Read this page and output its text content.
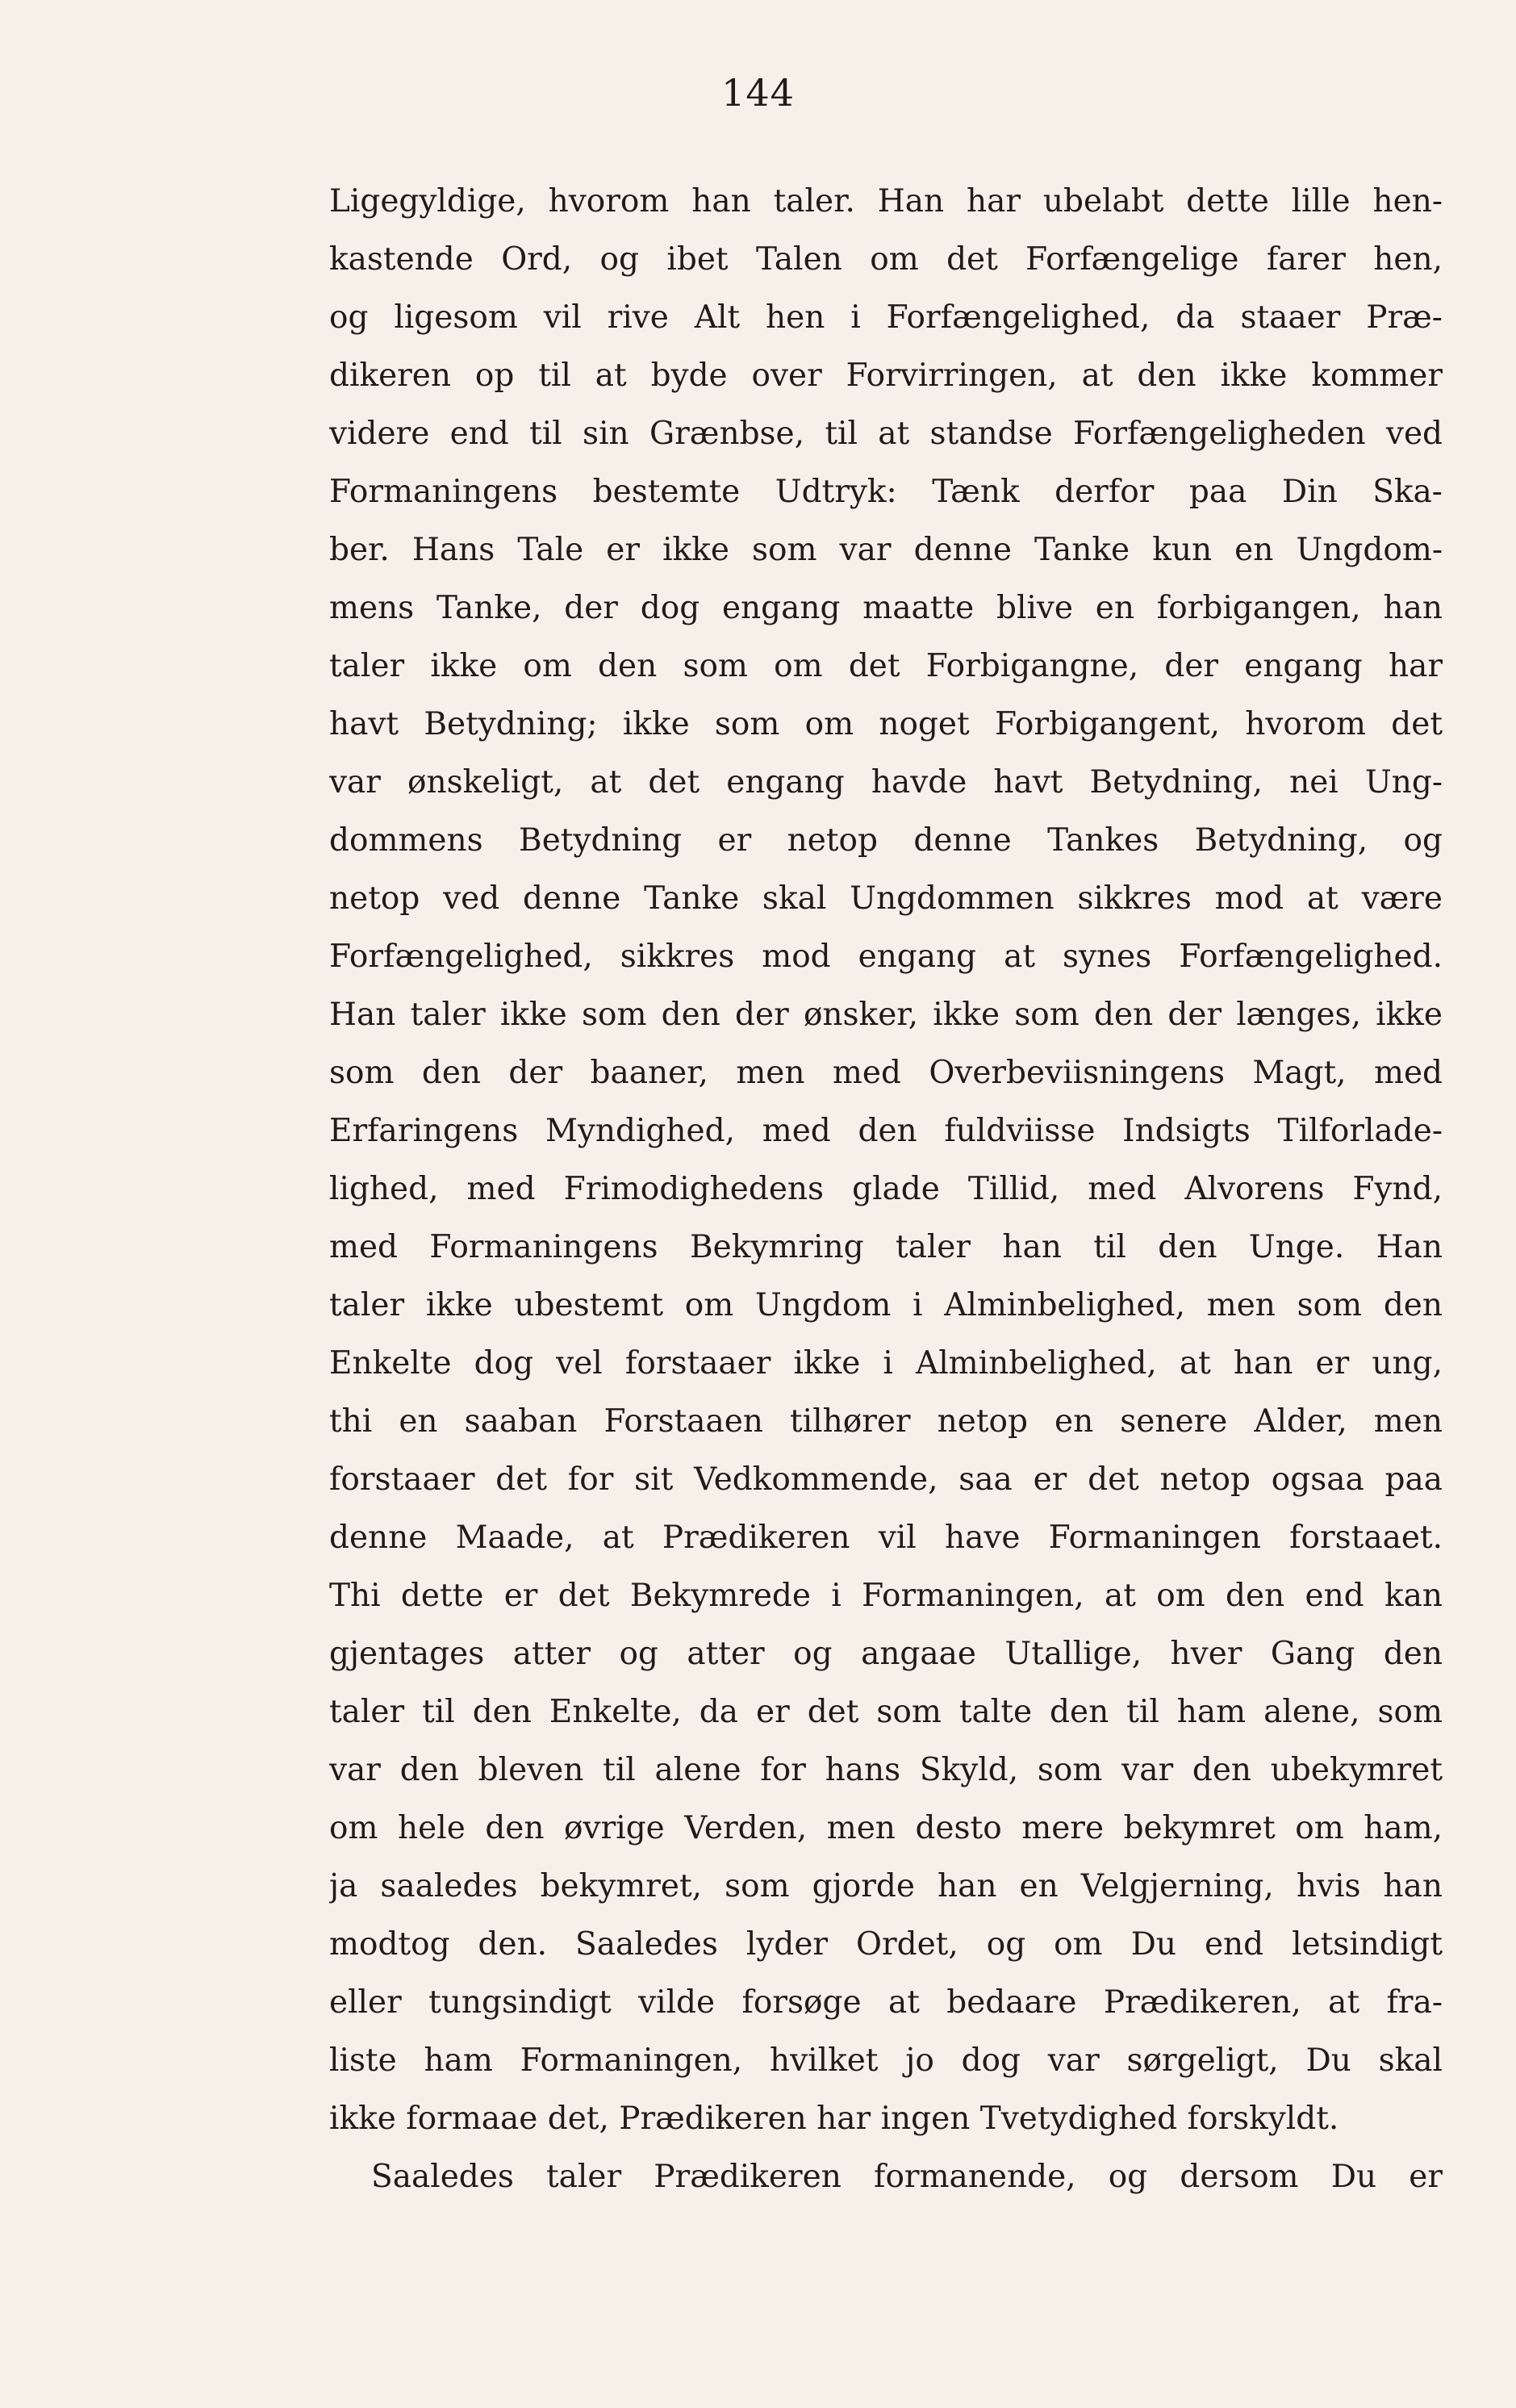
144
Ligegyldige, hvorom han taler. Han har ubelabt dette lille hen-
kastende Ord, og ibet Talen om det Forfængelige farer hen,
og ligesom vil rive Alt hen i Forfængelighed, da staaer Præ-
dikeren op til at byde over Forvirringen, at den ikke kommer
videre end til sin Grænbse, til at standse Forfængeligheden ved
Formaningens bestemte Udtryk: Tænk derfor paa Din Ska-
ber. Hans Tale er ikke som var denne Tanke kun en Ungdom-
mens Tanke, der dog engang maatte blive en forbigangen, han
taler ikke om den som om det Forbigangne, der engang har
havt Betydning; ikke som om noget Forbigangent, hvorom det
var ønskeligt, at det engang havde havt Betydning, nei Ung-
dommens Betydning er netop denne Tankes Betydning, og
netop ved denne Tanke skal Ungdommen sikkres mod at være
Forfængelighed, sikkres mod engang at synes Forfængelighed.
Han taler ikke som den der ønsker, ikke som den der længes, ikke
som den der baaner, men med Overbeviisningens Magt, med
Erfaringens Myndighed, med den fuldviisse Indsigts Tilforlade-
lighed, med Frimodighedens glade Tillid, med Alvorens Fynd,
med Formaningens Bekymring taler han til den Unge. Han
taler ikke ubestemt om Ungdom i Alminbelighed, men som den
Enkelte dog vel forstaaer ikke i Alminbelighed, at han er ung,
thi en saaban Forstaaen tilhører netop en senere Alder, men
forstaaer det for sit Vedkommende, saa er det netop ogsaa paa
denne Maade, at Prædikeren vil have Formaningen forstaaet.
Thi dette er det Bekymrede i Formaningen, at om den end kan
gjentages atter og atter og angaae Utallige, hver Gang den
taler til den Enkelte, da er det som talte den til ham alene, som
var den bleven til alene for hans Skyld, som var den ubekymret
om hele den øvrige Verden, men desto mere bekymret om ham,
ja saaledes bekymret, som gjorde han en Velgjerning, hvis han
modtog den. Saaledes lyder Ordet, og om Du end letsindigt
eller tungsindigt vilde forsøge at bedaare Prædikeren, at fra-
liste ham Formaningen, hvilket jo dog var sørgeligt, Du skal
ikke formaae det, Prædikeren har ingen Tvetydighed forskyldt.
Saaledes taler Prædikeren formanende, og dersom Du er
